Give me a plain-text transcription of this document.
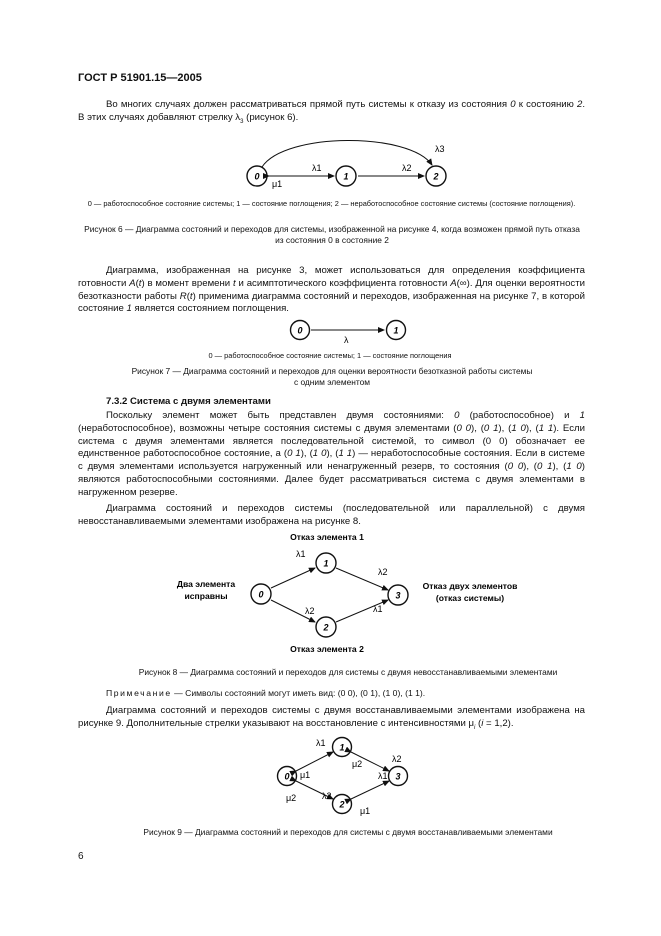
ГОСТ Р 51901.15—2005
Во многих случаях должен рассматриваться прямой путь системы к отказу из состояния 0 к состоянию 2. В этих случаях добавляют стрелку $\lambda_3$ (рисунок 6).
0	1	2
λ1
μ1
λ2
λ3
0 — работоспособное состояние системы; 1 — состояние поглощения; 2 — неработоспособное состояние системы (состояние поглощения).
Рисунок 6 — Диаграмма состояний и переходов для системы, изображенной на рисунке 4, когда возможен прямой путь отказа из состояния 0 в состояние 2
Диаграмма, изображенная на рисунке 3, может использоваться для определения коэффициента готовности A(t) в момент времени t и асимптотического коэффициента готовности A(∞). Для оценки вероятности безотказности работы R(t) применима диаграмма состояний и переходов, изображенная на рисунке 7, в которой состояние 1 является состоянием поглощения.
0	1
λ
0 — работоспособное состояние системы; 1 — состояние поглощения
Рисунок 7 — Диаграмма состояний и переходов для оценки вероятности безотказной работы системы
с одним элементом
7.3.2 Система с двумя элементами
Поскольку элемент может быть представлен двумя состояниями: 0 (работоспособное) и 1 (неработоспособное), возможны четыре состояния системы с двумя элементами (0 0), (0 1), (1 0), (1 1). Если система с двумя элементами является последовательной системой, то символ (0 0) обозначает ее единственное работоспособное состояние, а (0 1), (1 0), (1 1) — неработоспособные состояния. Если в системе с двумя элементами используется нагруженный или ненагруженный резерв, то состояния (0 0), (0 1), (1 0) являются работоспособными состояниями. Далее будет рассматриваться система с двумя элементами в нагруженном резерве.
Диаграмма состояний и переходов системы (последовательной или параллельной) с двумя невосстанавливаемыми элементами изображена на рисунке 8.
Отказ элемента 1
Отказ элемента 2
Два элемента
исправны
Отказ двух элементов
(отказ системы)
0
1
2
3
λ1
λ2
λ2
λ1
Рисунок 8 — Диаграмма состояний и переходов для системы с двумя невосстанавливаемыми элементами
Примечание — Символы состояний могут иметь вид: (0 0), (0 1), (1 0), (1 1).
Диаграмма состояний и переходов системы с двумя восстанавливаемыми элементами изображена на рисунке 9. Дополнительные стрелки указывают на восстановление с интенсивностями $\mu_i$ (i = 1,2).
0
1
2
3
λ1
μ1
λ2
μ2
λ2
μ2
λ1
μ1
Рисунок 9 — Диаграмма состояний и переходов для системы с двумя восстанавливаемыми элементами
6
